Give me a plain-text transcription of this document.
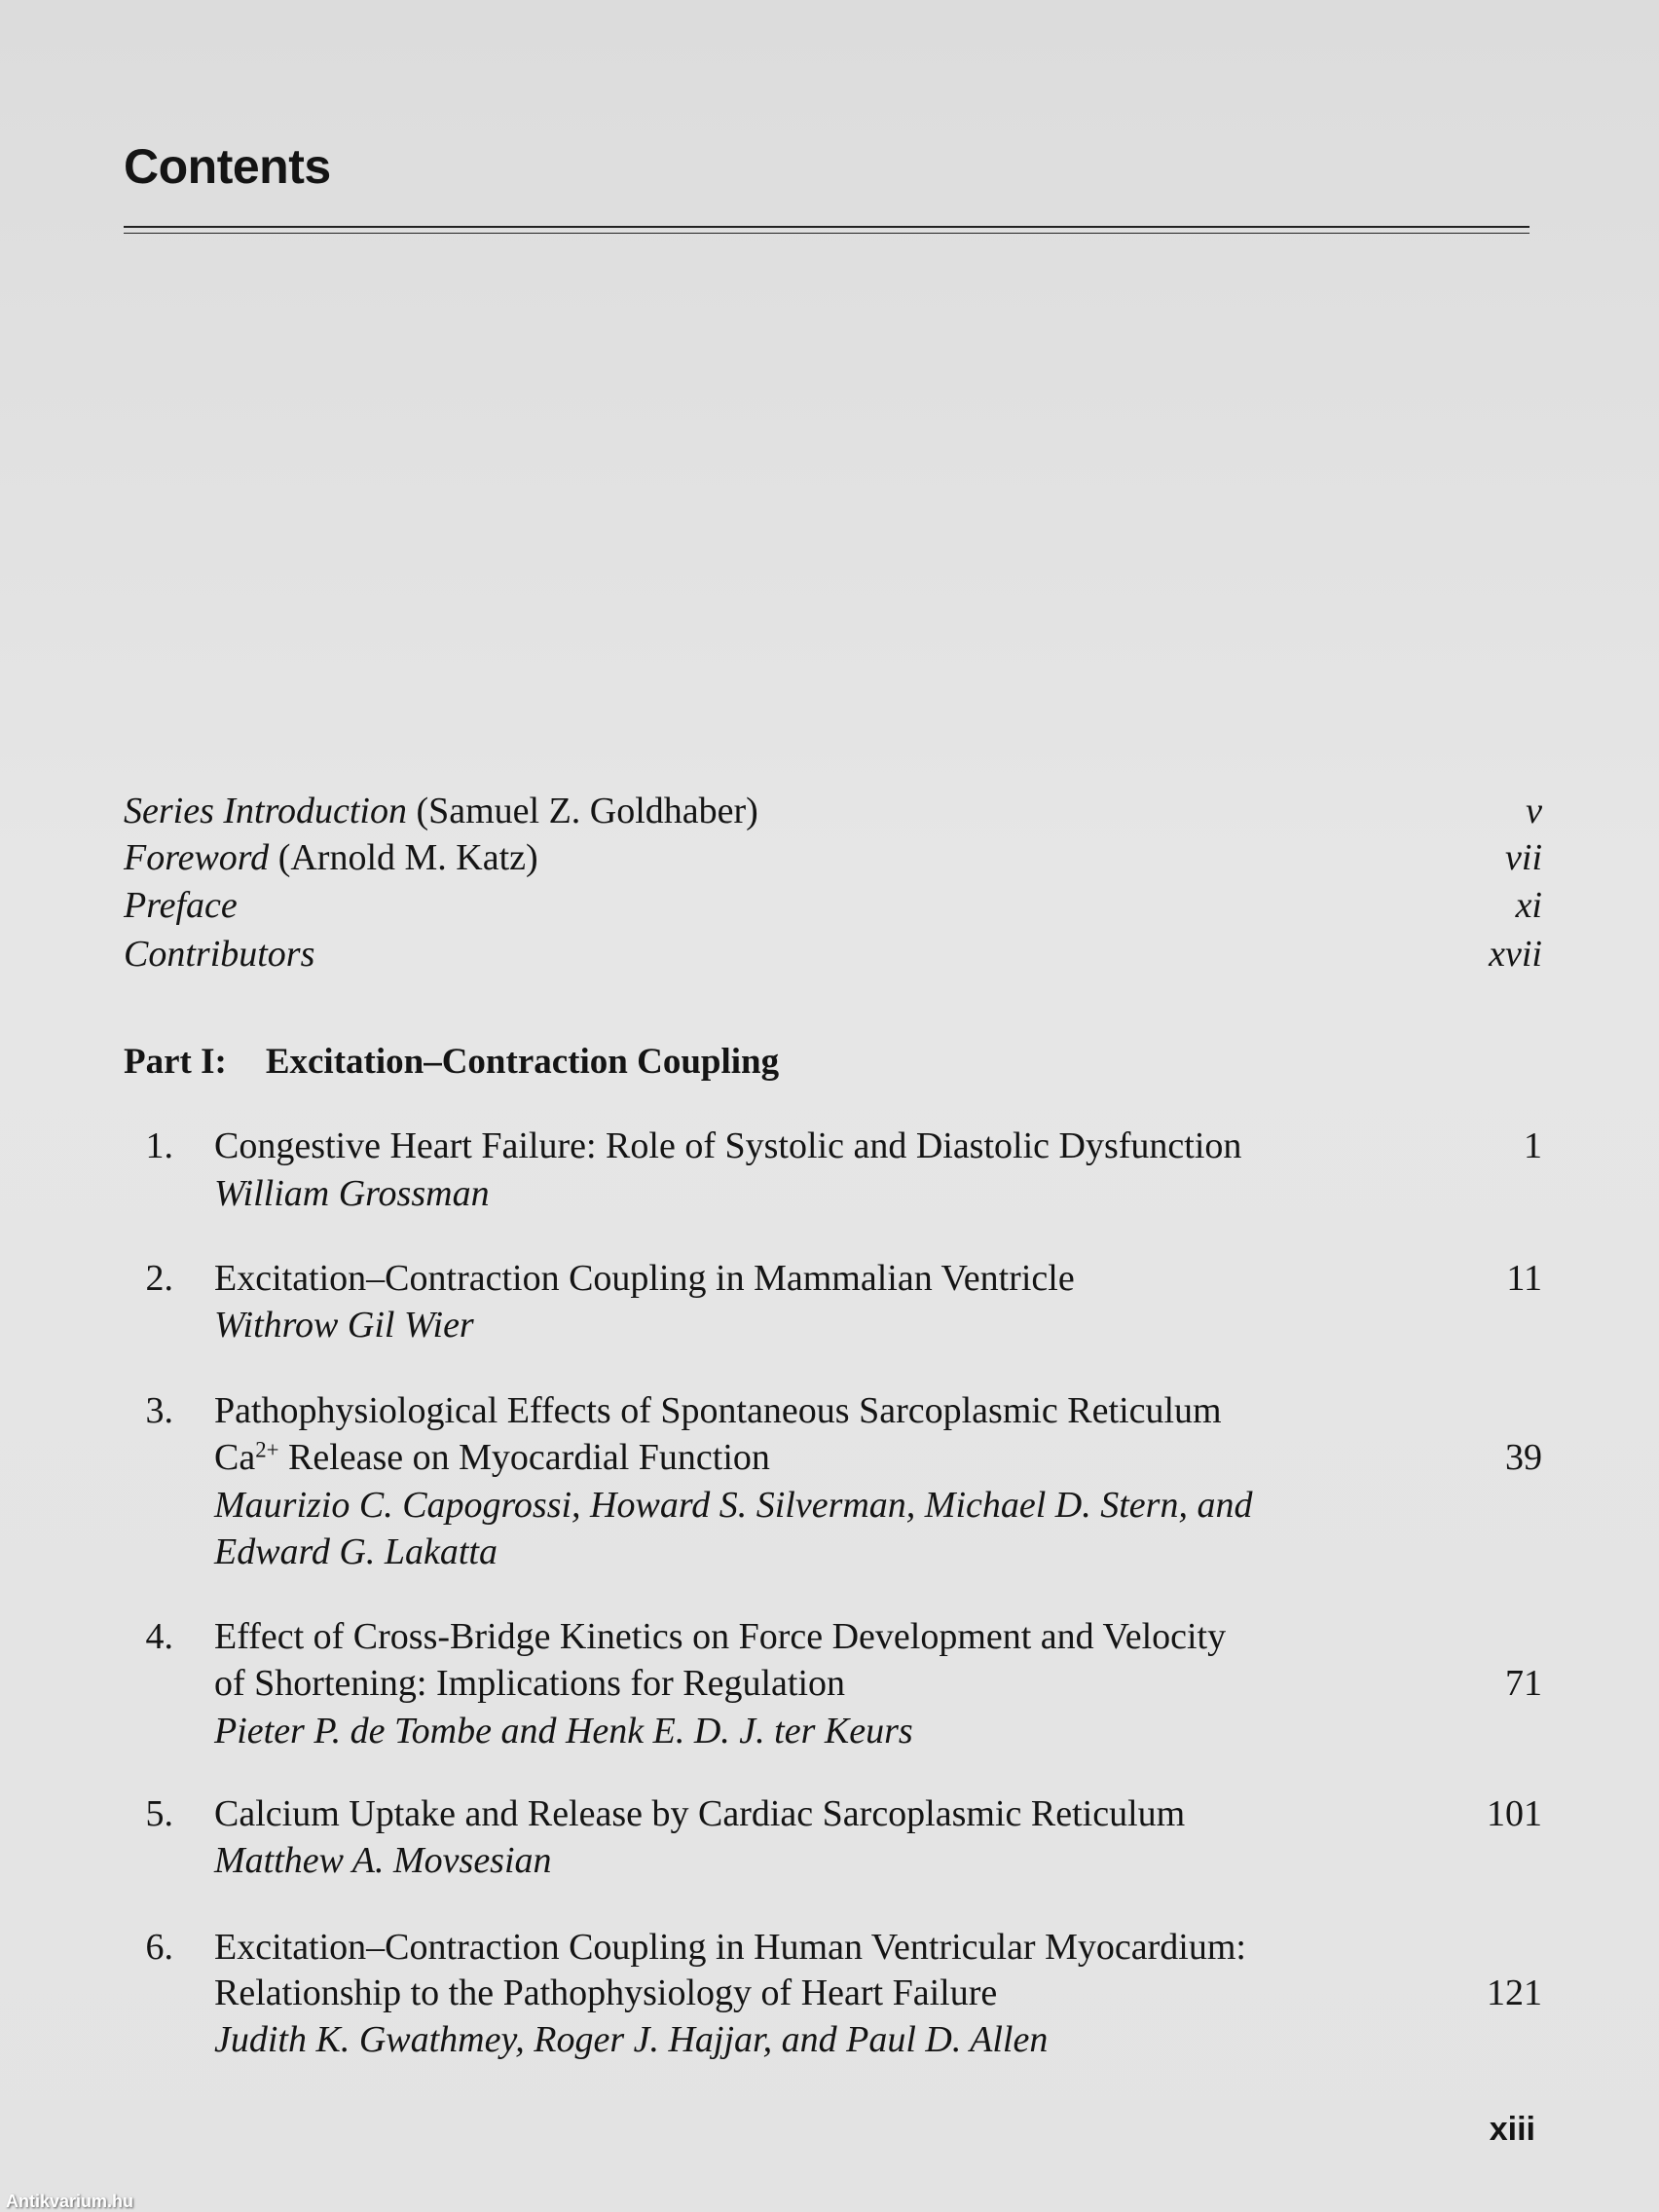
Contents
Series Introduction (Samuel Z. Goldhaber)	v
Foreword (Arnold M. Katz)	vii
Preface	xi
Contributors	xvii
Part I: Excitation–Contraction Coupling
1. Congestive Heart Failure: Role of Systolic and Diastolic Dysfunction	1
William Grossman
2. Excitation–Contraction Coupling in Mammalian Ventricle	11
Withrow Gil Wier
3. Pathophysiological Effects of Spontaneous Sarcoplasmic Reticulum
$Ca^{2+}$ Release on Myocardial Function	39
Maurizio C. Capogrossi, Howard S. Silverman, Michael D. Stern, and
Edward G. Lakatta
4. Effect of Cross-Bridge Kinetics on Force Development and Velocity
of Shortening: Implications for Regulation	71
Pieter P. de Tombe and Henk E. D. J. ter Keurs
5. Calcium Uptake and Release by Cardiac Sarcoplasmic Reticulum	101
Matthew A. Movsesian
6. Excitation–Contraction Coupling in Human Ventricular Myocardium:
Relationship to the Pathophysiology of Heart Failure	121
Judith K. Gwathmey, Roger J. Hajjar, and Paul D. Allen
xiii
Antikvarium.hu
